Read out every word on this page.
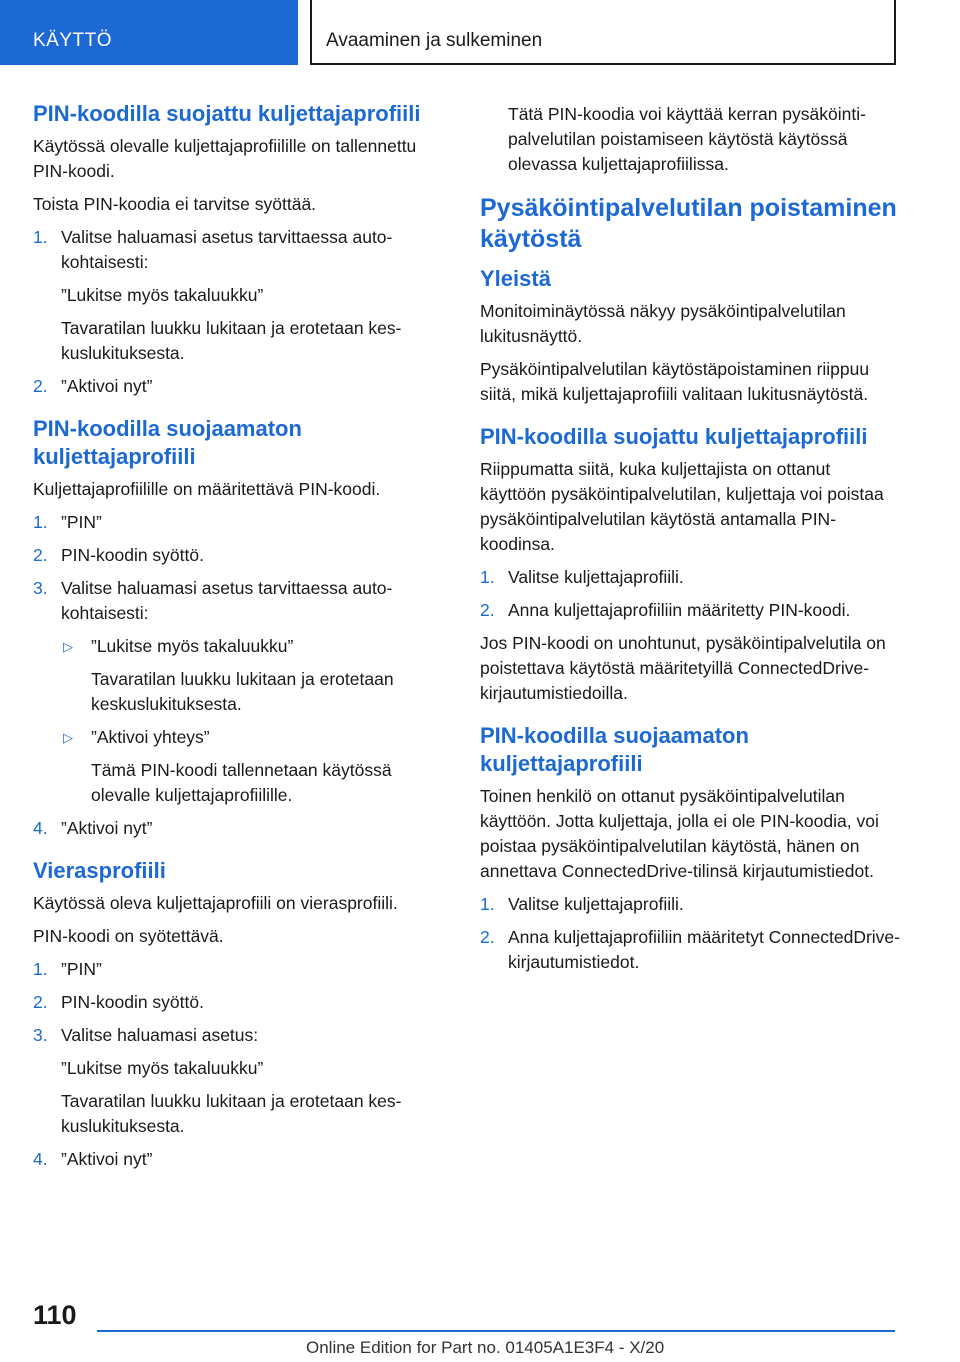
KÄYTTÖ	Avaaminen ja sulkeminen
PIN-koodilla suojattu kuljettajaprofiili
Käytössä olevalle kuljettajaprofiilille on tallennettu PIN-koodi.
Toista PIN-koodia ei tarvitse syöttää.
1. Valitse haluamasi asetus tarvittaessa autokohtaisesti:
”Lukitse myös takaluukku”
Tavaratilan luukku lukitaan ja erotetaan keskuslukituksesta.
2. ”Aktivoi nyt”
PIN-koodilla suojaamaton kuljettajaprofiili
Kuljettajaprofiilille on määritettävä PIN-koodi.
1. ”PIN”
2. PIN-koodin syöttö.
3. Valitse haluamasi asetus tarvittaessa autokohtaisesti:
▷ ”Lukitse myös takaluukku”
Tavaratilan luukku lukitaan ja erotetaan keskuslukituksesta.
▷ ”Aktivoi yhteys”
Tämä PIN-koodi tallennetaan käytössä olevalle kuljettajaprofiilille.
4. ”Aktivoi nyt”
Vierasprofiili
Käytössä oleva kuljettajaprofiili on vierasprofiili.
PIN-koodi on syötettävä.
1. ”PIN”
2. PIN-koodin syöttö.
3. Valitse haluamasi asetus:
”Lukitse myös takaluukku”
Tavaratilan luukku lukitaan ja erotetaan keskuslukituksesta.
4. ”Aktivoi nyt”
Tätä PIN-koodia voi käyttää kerran pysäköintipalvelutilan poistamiseen käytöstä käytössä olevassa kuljettajaprofiilissa.
Pysäköintipalvelutilan poistaminen käytöstä
Yleistä
Monitoiminäytössä näkyy pysäköintipalvelutilan lukitusnäyttö.
Pysäköintipalvelutilan käytöstäpoistaminen riippuu siitä, mikä kuljettajaprofiili valitaan lukitusnäytöstä.
PIN-koodilla suojattu kuljettajaprofiili
Riippumatta siitä, kuka kuljettajista on ottanut käyttöön pysäköintipalvelutilan, kuljettaja voi poistaa pysäköintipalvelutilan käytöstä antamalla PIN-koodinsa.
1. Valitse kuljettajaprofiili.
2. Anna kuljettajaprofiiliin määritetty PIN-koodi.
Jos PIN-koodi on unohtunut, pysäköintipalvelutila on poistettava käytöstä määritetyillä ConnectedDrive-kirjautumistiedoilla.
PIN-koodilla suojaamaton kuljettajaprofiili
Toinen henkilö on ottanut pysäköintipalvelutilan käyttöön. Jotta kuljettaja, jolla ei ole PIN-koodia, voi poistaa pysäköintipalvelutilan käytöstä, hänen on annettava ConnectedDrive-tilinsä kirjautumistiedot.
1. Valitse kuljettajaprofiili.
2. Anna kuljettajaprofiiliin määritetyt ConnectedDrive-kirjautumistiedot.
110
Online Edition for Part no. 01405A1E3F4 - X/20
